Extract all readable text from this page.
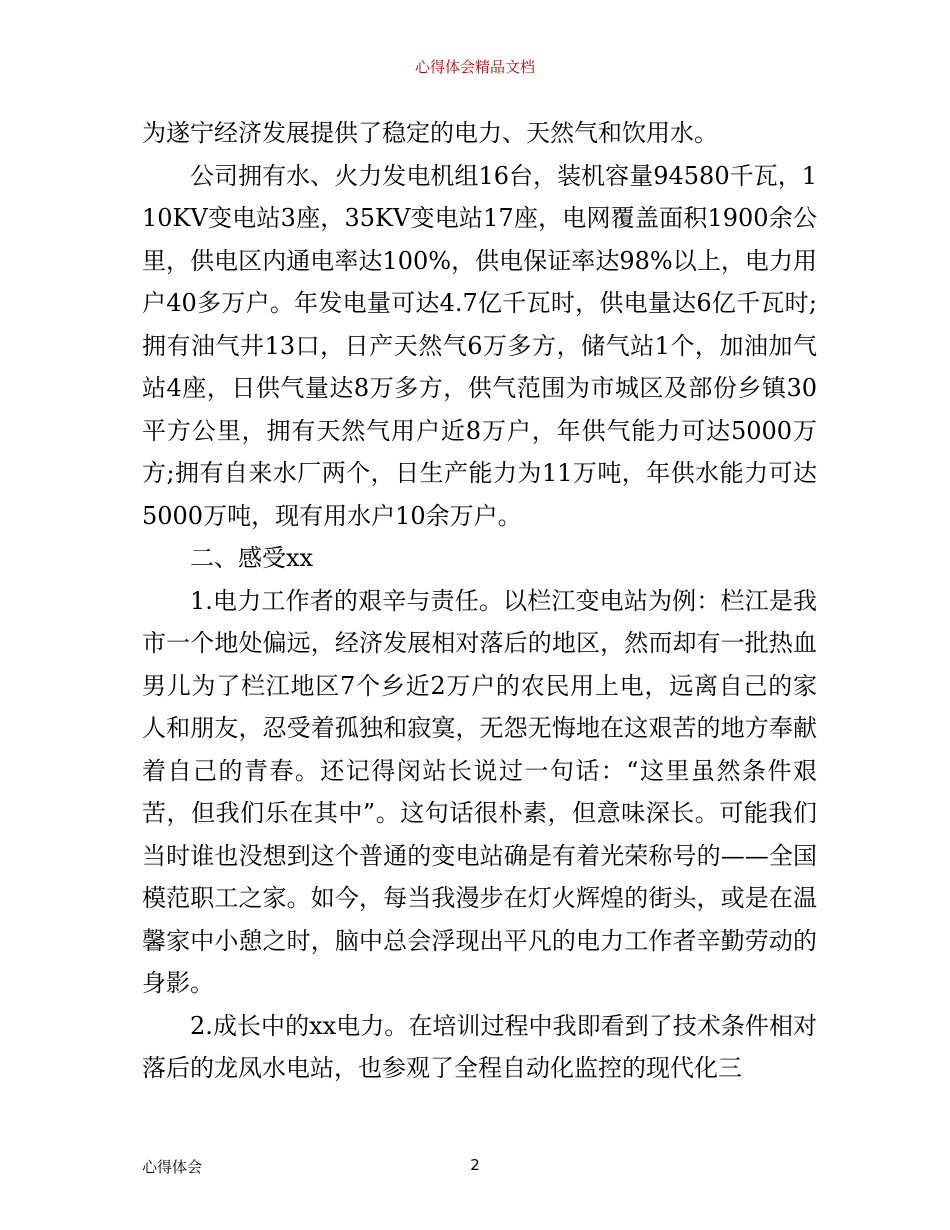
心得体会精品文档

为遂宁经济发展提供了稳定的电力、天然气和饮用水。

公司拥有水、火力发电机组16台，装机容量94580千瓦，110KV变电站3座，35KV变电站17座，电网覆盖面积1900余公里，供电区内通电率达100%，供电保证率达98%以上，电力用户40多万户。年发电量可达4.7亿千瓦时，供电量达6亿千瓦时;拥有油气井13口，日产天然气6万多方，储气站1个，加油加气站4座，日供气量达8万多方，供气范围为市城区及部份乡镇30平方公里，拥有天然气用户近8万户，年供气能力可达5000万方;拥有自来水厂两个，日生产能力为11万吨，年供水能力可达5000万吨，现有用水户10余万户。

二、感受xx

1.电力工作者的艰辛与责任。以栏江变电站为例：栏江是我市一个地处偏远，经济发展相对落后的地区，然而却有一批热血男儿为了栏江地区7个乡近2万户的农民用上电，远离自己的家人和朋友，忍受着孤独和寂寞，无怨无悔地在这艰苦的地方奉献着自己的青春。还记得闵站长说过一句话：“这里虽然条件艰苦，但我们乐在其中”。这句话很朴素，但意味深长。可能我们当时谁也没想到这个普通的变电站确是有着光荣称号的——全国模范职工之家。如今，每当我漫步在灯火辉煌的街头，或是在温馨家中小憩之时，脑中总会浮现出平凡的电力工作者辛勤劳动的身影。

2.成长中的xx电力。在培训过程中我即看到了技术条件相对落后的龙凤水电站，也参观了全程自动化监控的现代化三

心得体会	2
